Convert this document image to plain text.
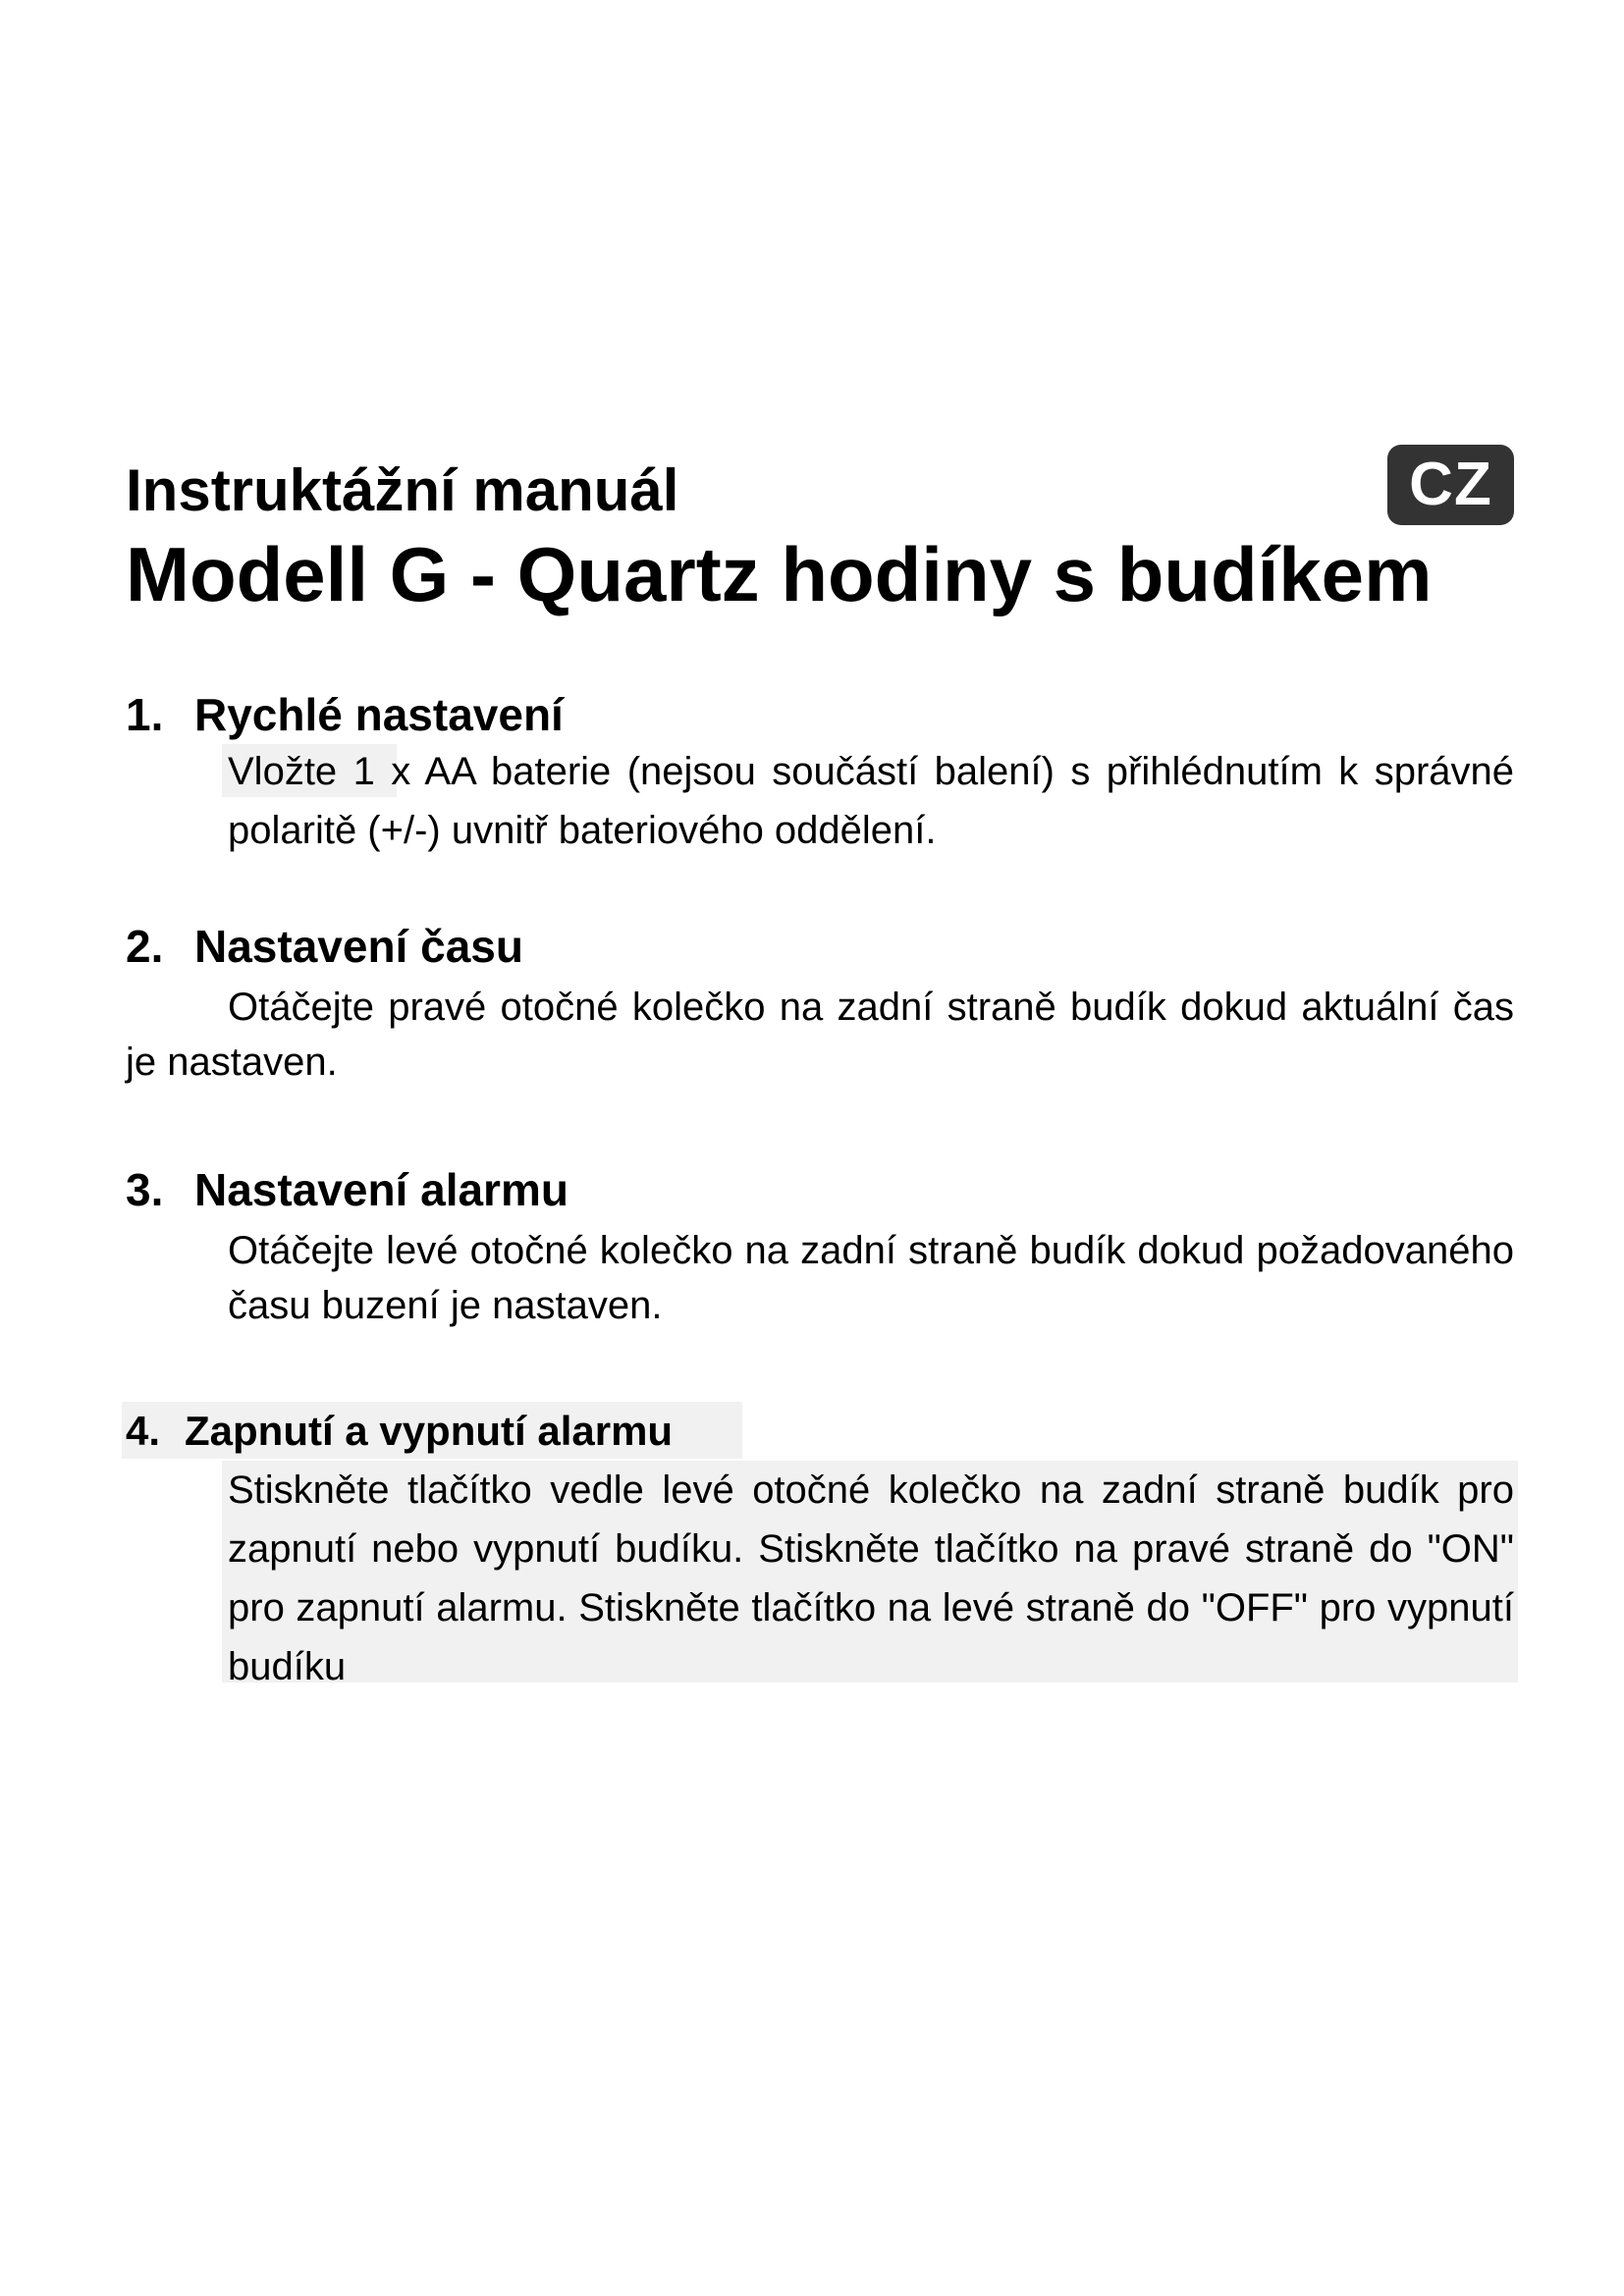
Instruktážní manuál
Modell G - Quartz hodiny s budíkem
CZ
1. Rychlé nastavení
Vložte 1 x AA baterie (nejsou součástí balení) s přihlédnutím k správné polaritě (+/-) uvnitř bateriového oddělení.
2. Nastavení času
Otáčejte pravé otočné kolečko na zadní straně budík dokud aktuální čas je nastaven.
3. Nastavení alarmu
Otáčejte levé otočné kolečko na zadní straně budík dokud požadovaného času buzení je nastaven.
4. Zapnutí a vypnutí alarmu
Stiskněte tlačítko vedle levé otočné kolečko na zadní straně budík pro zapnutí nebo vypnutí budíku. Stiskněte tlačítko na pravé straně do "ON" pro zapnutí alarmu. Stiskněte tlačítko na levé straně do "OFF" pro vypnutí budíku
